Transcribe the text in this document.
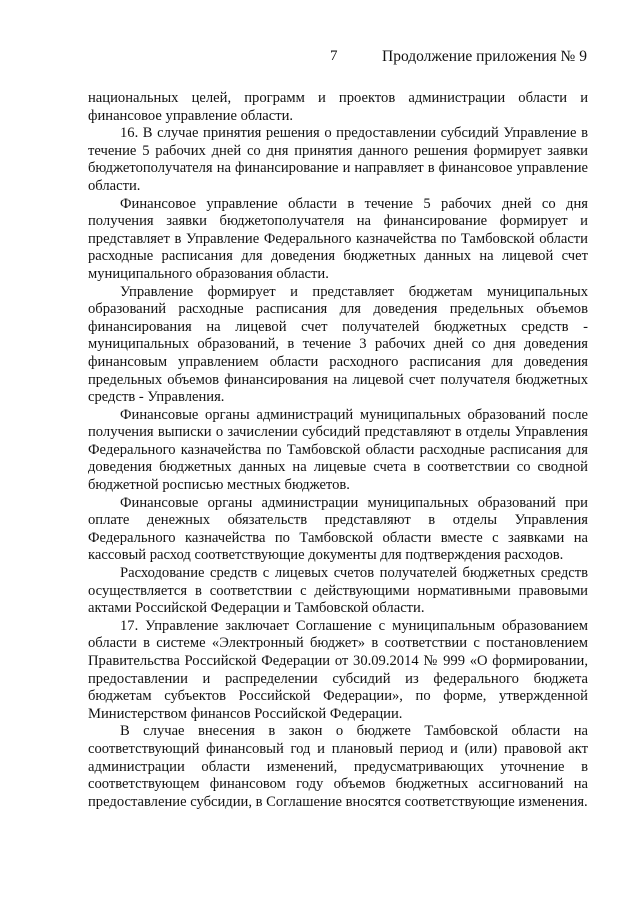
7	Продолжение приложения № 9

национальных целей, программ и проектов администрации области и финансовое управление области.

16. В случае принятия решения о предоставлении субсидий Управление в течение 5 рабочих дней со дня принятия данного решения формирует заявки бюджетополучателя на финансирование и направляет в финансовое управление области.

Финансовое управление области в течение 5 рабочих дней со дня получения заявки бюджетополучателя на финансирование формирует и представляет в Управление Федерального казначейства по Тамбовской области расходные расписания для доведения бюджетных данных на лицевой счет муниципального образования области.

Управление формирует и представляет бюджетам муниципальных образований расходные расписания для доведения предельных объемов финансирования на лицевой счет получателей бюджетных средств - муниципальных образований, в течение 3 рабочих дней со дня доведения финансовым управлением области расходного расписания для доведения предельных объемов финансирования на лицевой счет получателя бюджетных средств - Управления.

Финансовые органы администраций муниципальных образований после получения выписки о зачислении субсидий представляют в отделы Управления Федерального казначейства по Тамбовской области расходные расписания для доведения бюджетных данных на лицевые счета в соответствии со сводной бюджетной росписью местных бюджетов.

Финансовые органы администрации муниципальных образований при оплате денежных обязательств представляют в отделы Управления Федерального казначейства по Тамбовской области вместе с заявками на кассовый расход соответствующие документы для подтверждения расходов.

Расходование средств с лицевых счетов получателей бюджетных средств осуществляется в соответствии с действующими нормативными правовыми актами Российской Федерации и Тамбовской области.

17. Управление заключает Соглашение с муниципальным образованием области в системе «Электронный бюджет» в соответствии с постановлением Правительства Российской Федерации от 30.09.2014 № 999 «О формировании, предоставлении и распределении субсидий из федерального бюджета бюджетам субъектов Российской Федерации», по форме, утвержденной Министерством финансов Российской Федерации.

В случае внесения в закон о бюджете Тамбовской области на соответствующий финансовый год и плановый период и (или) правовой акт администрации области изменений, предусматривающих уточнение в соответствующем финансовом году объемов бюджетных ассигнований на предоставление субсидии, в Соглашение вносятся соответствующие изменения.
